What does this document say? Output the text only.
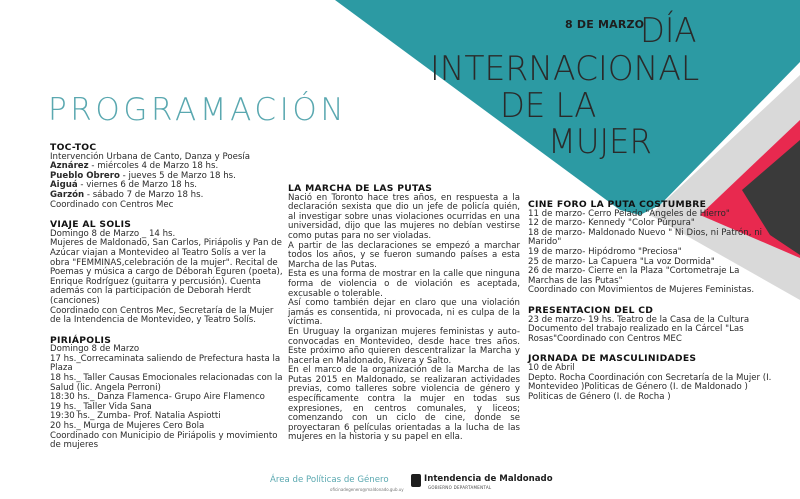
8 DE MARZO
DÍA
INTERNACIONAL
DE LA
MUJER
PROGRAMACIÓN
TOC-TOC
Intervención Urbana de Canto, Danza y Poesía
Aznárez - miércoles 4 de Marzo 18 hs.
Pueblo Obrero - jueves 5 de Marzo 18 hs.
Aiguá - viernes 6 de Marzo 18 hs.
Garzón - sábado 7 de Marzo 18 hs.
Coordinado con Centros Mec
VIAJE AL SOLIS
Domingo 8 de Marzo _ 14 hs.
Mujeres de Maldonado, San Carlos, Piriápolis y Pan de Azúcar viajan a Montevideo al Teatro Solís a ver la obra "FEMMINAS,celebración de la mujer". Recital de Poemas y música a cargo de Déborah Eguren (poeta), Enrique Rodríguez (guitarra y percusión). Cuenta además con la participación de Deborah Herdt (canciones)
Coordinado con Centros Mec, Secretaría de la Mujer de la Intendencia de Montevideo, y Teatro Solís.
PIRIÁPOLIS
Domingo 8 de Marzo
17 hs._Correcaminata saliendo de Prefectura hasta la Plaza
18 hs._ Taller Causas Emocionales relacionadas con la Salud (lic. Angela Perroni)
18:30 hs._ Danza Flamenca- Grupo Aire Flamenco
19 hs._ Taller Vida Sana
19:30 hs._ Zumba- Prof. Natalia Aspiotti
20 hs._ Murga de Mujeres Cero Bola
Coordinado con Municipio de Piriápolis y movimiento de mujeres
LA MARCHA DE LAS PUTAS
Nació en Toronto hace tres años, en respuesta a la declaración sexista que dio un jefe de policía quién, al investigar sobre unas violaciones ocurridas en una universidad, dijo que las mujeres no debían vestirse como putas para no ser violadas.
A partir de las declaraciones se empezó a marchar todos los años, y se fueron sumando países a esta Marcha de las Putas.
Esta es una forma de mostrar en la calle que ninguna forma de violencia o de violación es aceptada, excusable o tolerable.
Así como también dejar en claro que una violación jamás es consentida, ni provocada, ni es culpa de la víctima.
En Uruguay la organizan mujeres feministas y auto-convocadas en Montevideo, desde hace tres años. Este próximo año quieren descentralizar la Marcha y hacerla en Maldonado, Rivera y Salto.
En el marco de la organización de la Marcha de las Putas 2015 en Maldonado, se realizaran actividades previas, como talleres sobre violencia de género y específicamente contra la mujer en todas sus expresiones, en centros comunales, y liceos; comenzando con un ciclo de cine, donde se proyectaran 6 películas orientadas a la lucha de las mujeres en la historia y su papel en ella.
CINE FORO LA PUTA COSTUMBRE
11 de marzo- Cerro Pelado "Ángeles de Hierro"
12 de marzo- Kennedy "Color Púrpura"
18 de marzo- Maldonado Nuevo " Ni Dios, ni Patrón, ni Marido"
19 de marzo- Hipódromo "Preciosa"
25 de marzo- La Capuera "La voz Dormida"
26 de marzo- Cierre en la Plaza "Cortometraje La Marchas de las Putas"
Coordinado con Movimientos de Mujeres Feministas.
PRESENTACION DEL CD
23 de marzo- 19 hs. Teatro de la Casa de la Cultura
Documento del trabajo realizado en la Cárcel "Las Rosas"Coordinado con Centros MEC
JORNADA DE MASCULINIDADES
10 de Abril
Depto. Rocha Coordinación con Secretaría de la Mujer (I. Montevideo )Politicas de Género (I. de Maldonado ) Politicas de Género (I. de Rocha )
Área de Políticas de Género	Intendencia de Maldonado
GOBIERNO DEPARTAMENTAL
oficinadegenero@maldonado.gub.uy
